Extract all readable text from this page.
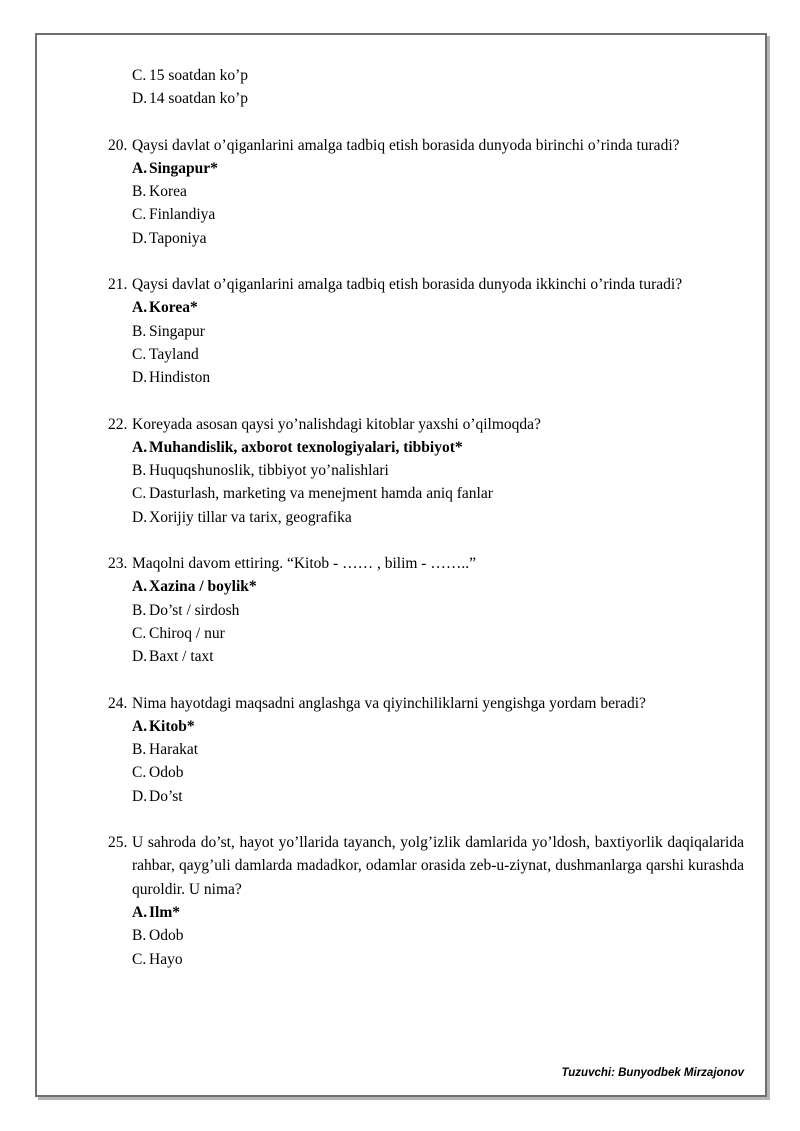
C.15 soatdan ko’p
D.14 soatdan ko’p
20. Qaysi davlat o’qiganlarini amalga tadbiq etish borasida dunyoda birinchi o’rinda turadi?
A.Singapur*
B.Korea
C.Finlandiya
D.Taponiya
21. Qaysi davlat o’qiganlarini amalga tadbiq etish borasida dunyoda ikkinchi o’rinda turadi?
A.Korea*
B.Singapur
C.Tayland
D.Hindiston
22. Koreyada asosan qaysi yo’nalishdagi kitoblar yaxshi o’qilmoqda?
A.Muhandislik, axborot texnologiyalari, tibbiyot*
B.Huquqshunoslik, tibbiyot yo’nalishlari
C.Dasturlash, marketing va menejment hamda aniq fanlar
D.Xorijiy tillar va tarix, geografika
23. Maqolni davom ettiring. “Kitob - …… , bilim - ……..”
A.Xazina / boylik*
B.Do’st / sirdosh
C.Chiroq / nur
D.Baxt / taxt
24. Nima hayotdagi maqsadni anglashga va qiyinchiliklarni yengishga yordam beradi?
A.Kitob*
B.Harakat
C.Odob
D.Do’st
25. U sahroda do’st, hayot yo’llarida tayanch, yolg’izlik damlarida yo’ldosh, baxtiyorlik daqiqalarida rahbar, qayg’uli damlarda madadkor, odamlar orasida zeb-u-ziynat, dushmanlarga qarshi kurashda quroldir. U nima?
A.Ilm*
B.Odob
C.Hayo
Tuzuvchi: Bunyodbek Mirzajonov
